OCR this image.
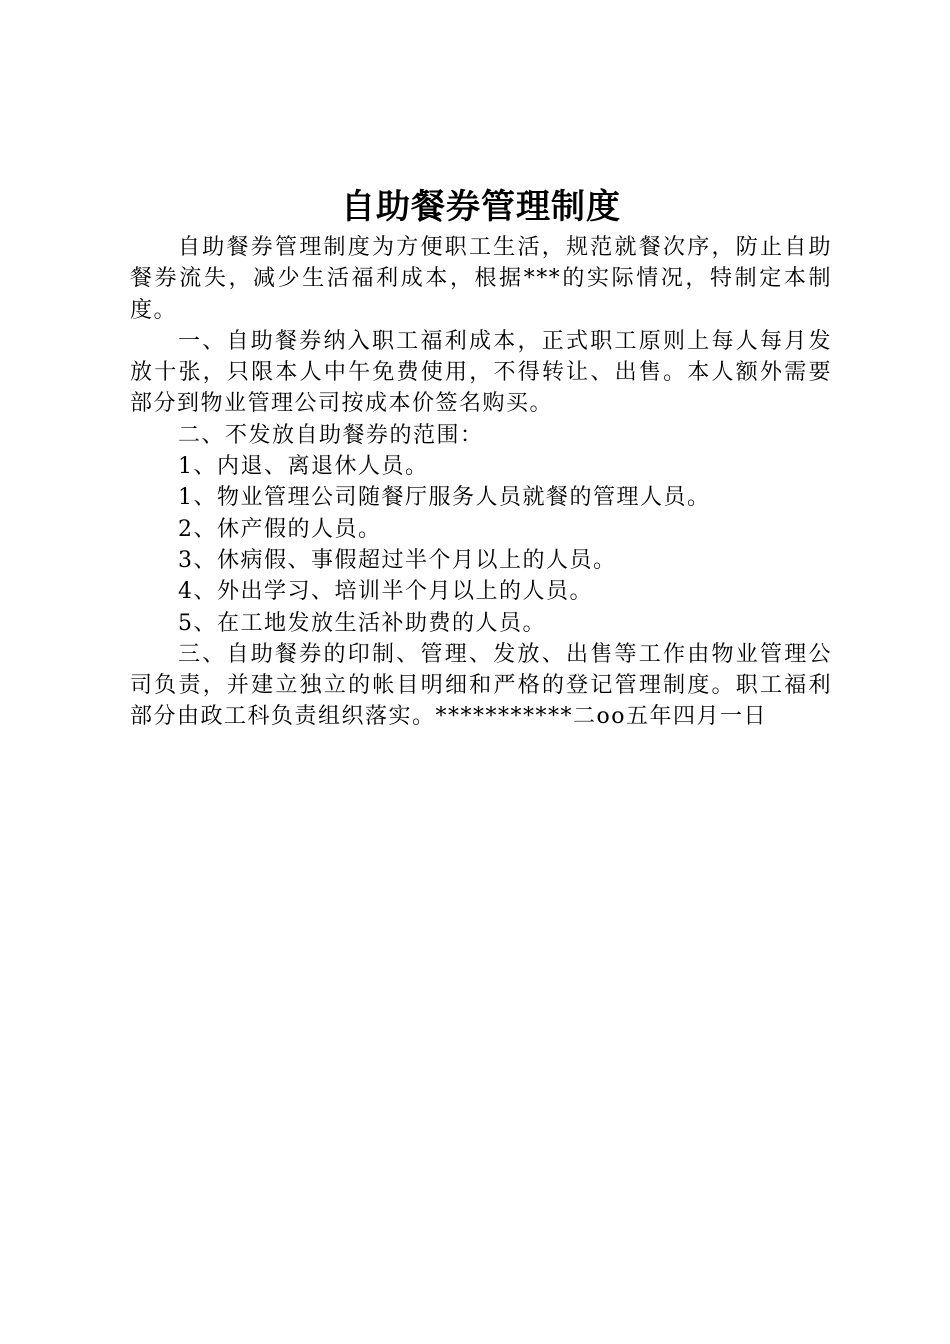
自助餐券管理制度

自助餐券管理制度为方便职工生活，规范就餐次序，防止自助餐券流失，减少生活福利成本，根据***的实际情况，特制定本制度。

一、自助餐券纳入职工福利成本，正式职工原则上每人每月发放十张，只限本人中午免费使用，不得转让、出售。本人额外需要部分到物业管理公司按成本价签名购买。

二、不发放自助餐券的范围：

1、内退、离退休人员。

1、物业管理公司随餐厅服务人员就餐的管理人员。

2、休产假的人员。

3、休病假、事假超过半个月以上的人员。

4、外出学习、培训半个月以上的人员。

5、在工地发放生活补助费的人员。

三、自助餐券的印制、管理、发放、出售等工作由物业管理公司负责，并建立独立的帐目明细和严格的登记管理制度。职工福利部分由政工科负责组织落实。***********二oo五年四月一日
